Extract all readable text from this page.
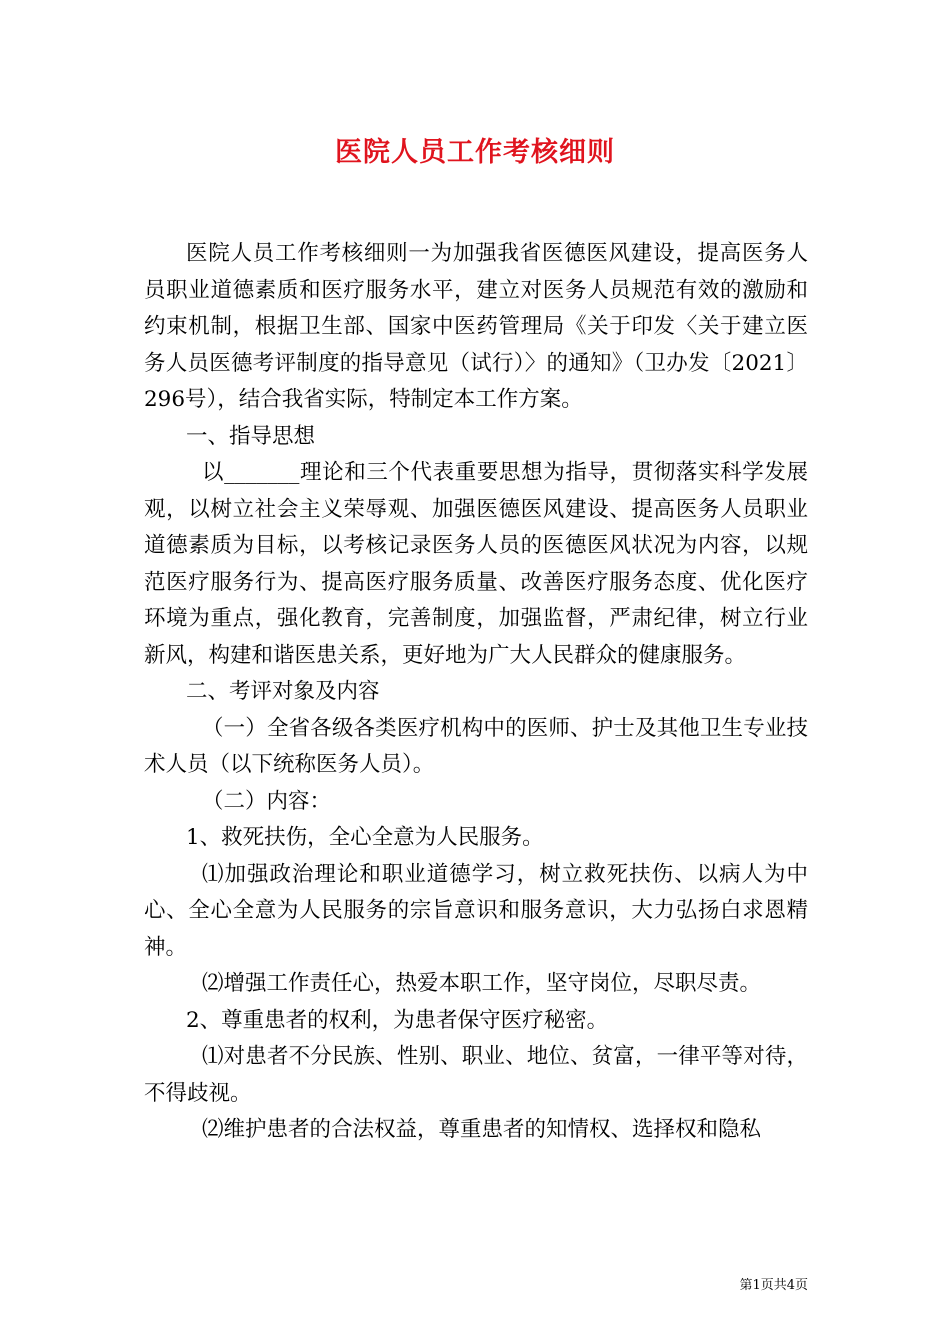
医院人员工作考核细则

医院人员工作考核细则一为加强我省医德医风建设，提高医务人员职业道德素质和医疗服务水平，建立对医务人员规范有效的激励和约束机制，根据卫生部、国家中医药管理局《关于印发〈关于建立医务人员医德考评制度的指导意见（试行）〉的通知》（卫办发〔2021〕296号），结合我省实际，特制定本工作方案。

一、指导思想

以_______理论和三个代表重要思想为指导，贯彻落实科学发展观，以树立社会主义荣辱观、加强医德医风建设、提高医务人员职业道德素质为目标，以考核记录医务人员的医德医风状况为内容，以规范医疗服务行为、提高医疗服务质量、改善医疗服务态度、优化医疗环境为重点，强化教育，完善制度，加强监督，严肃纪律，树立行业新风，构建和谐医患关系，更好地为广大人民群众的健康服务。

二、考评对象及内容

（一）全省各级各类医疗机构中的医师、护士及其他卫生专业技术人员（以下统称医务人员）。

（二）内容：

1、救死扶伤，全心全意为人民服务。

⑴加强政治理论和职业道德学习，树立救死扶伤、以病人为中心、全心全意为人民服务的宗旨意识和服务意识，大力弘扬白求恩精神。

⑵增强工作责任心，热爱本职工作，坚守岗位，尽职尽责。

2、尊重患者的权利，为患者保守医疗秘密。

⑴对患者不分民族、性别、职业、地位、贫富，一律平等对待，不得歧视。

⑵维护患者的合法权益，尊重患者的知情权、选择权和隐私

第1页共4页
